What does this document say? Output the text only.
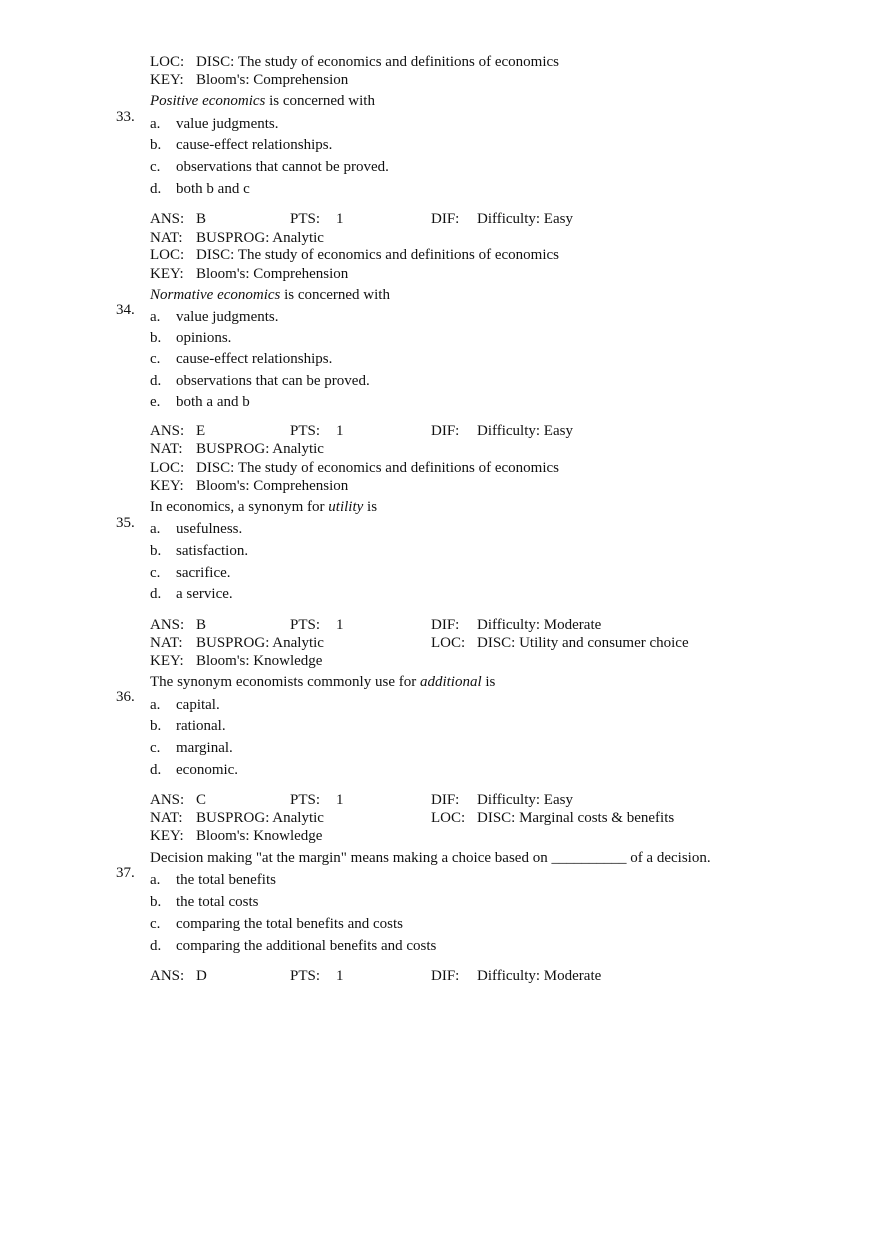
LOC: DISC: The study of economics and definitions of economics
KEY: Bloom's: Comprehension
33.
Positive economics is concerned with
a. value judgments.
b. cause-effect relationships.
c. observations that cannot be proved.
d. both b and c
ANS: B	PTS: 1	DIF: Difficulty: Easy
NAT: BUSPROG: Analytic
LOC: DISC: The study of economics and definitions of economics
KEY: Bloom's: Comprehension
34.
Normative economics is concerned with
a. value judgments.
b. opinions.
c. cause-effect relationships.
d. observations that can be proved.
e. both a and b
ANS: E	PTS: 1	DIF: Difficulty: Easy
NAT: BUSPROG: Analytic
LOC: DISC: The study of economics and definitions of economics
KEY: Bloom's: Comprehension
35.
In economics, a synonym for utility is
a. usefulness.
b. satisfaction.
c. sacrifice.
d. a service.
ANS: B	PTS: 1	DIF: Difficulty: Moderate
NAT: BUSPROG: Analytic	LOC: DISC: Utility and consumer choice
KEY: Bloom's: Knowledge
36.
The synonym economists commonly use for additional is
a. capital.
b. rational.
c. marginal.
d. economic.
ANS: C	PTS: 1	DIF: Difficulty: Easy
NAT: BUSPROG: Analytic	LOC: DISC: Marginal costs & benefits
KEY: Bloom's: Knowledge
37.
Decision making "at the margin" means making a choice based on __________ of a decision.
a. the total benefits
b. the total costs
c. comparing the total benefits and costs
d. comparing the additional benefits and costs
ANS: D	PTS: 1	DIF: Difficulty: Moderate
